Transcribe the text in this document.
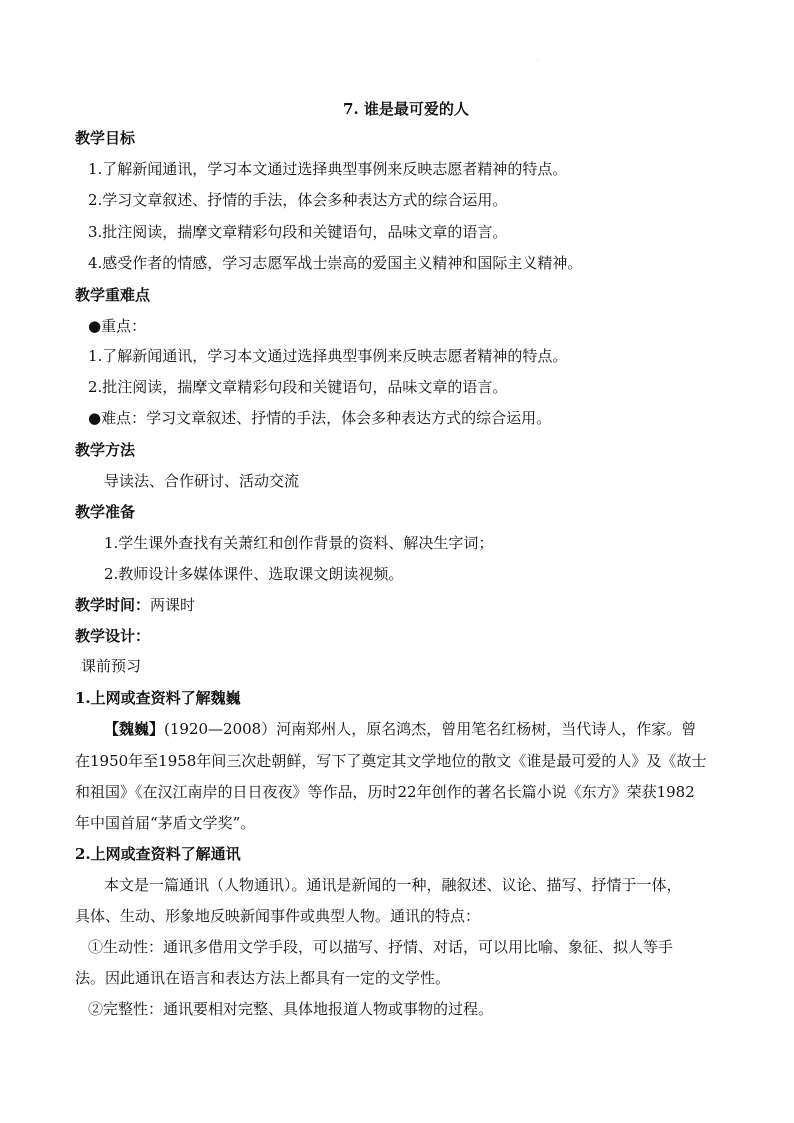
·
7. 谁是最可爱的人
教学目标
1.了解新闻通讯，学习本文通过选择典型事例来反映志愿者精神的特点。
2.学习文章叙述、抒情的手法，体会多种表达方式的综合运用。
3.批注阅读，揣摩文章精彩句段和关键语句，品味文章的语言。
4.感受作者的情感，学习志愿军战士崇高的爱国主义精神和国际主义精神。
教学重难点
●重点：
1.了解新闻通讯，学习本文通过选择典型事例来反映志愿者精神的特点。
2.批注阅读，揣摩文章精彩句段和关键语句，品味文章的语言。
●难点：学习文章叙述、抒情的手法，体会多种表达方式的综合运用。
教学方法
导读法、合作研讨、活动交流
教学准备
1.学生课外查找有关萧红和创作背景的资料、解决生字词；
2.教师设计多媒体课件、选取课文朗读视频。
教学时间：两课时
教学设计：
课前预习
1.上网或查资料了解魏巍
【魏巍】(1920—2008）河南郑州人，原名鸿杰，曾用笔名红杨树，当代诗人，作家。曾
在1950年至1958年间三次赴朝鲜，写下了奠定其文学地位的散文《谁是最可爱的人》及《故士
和祖国》《在汉江南岸的日日夜夜》等作品，历时22年创作的著名长篇小说《东方》荣获1982
年中国首届“茅盾文学奖”。
2.上网或查资料了解通讯
本文是一篇通讯（人物通讯）。通讯是新闻的一种，融叙述、议论、描写、抒情于一体，
具体、生动、形象地反映新闻事件或典型人物。通讯的特点：
①生动性：通讯多借用文学手段，可以描写、抒情、对话，可以用比喻、象征、拟人等手
法。因此通讯在语言和表达方法上都具有一定的文学性。
②完整性：通讯要相对完整、具体地报道人物或事物的过程。
